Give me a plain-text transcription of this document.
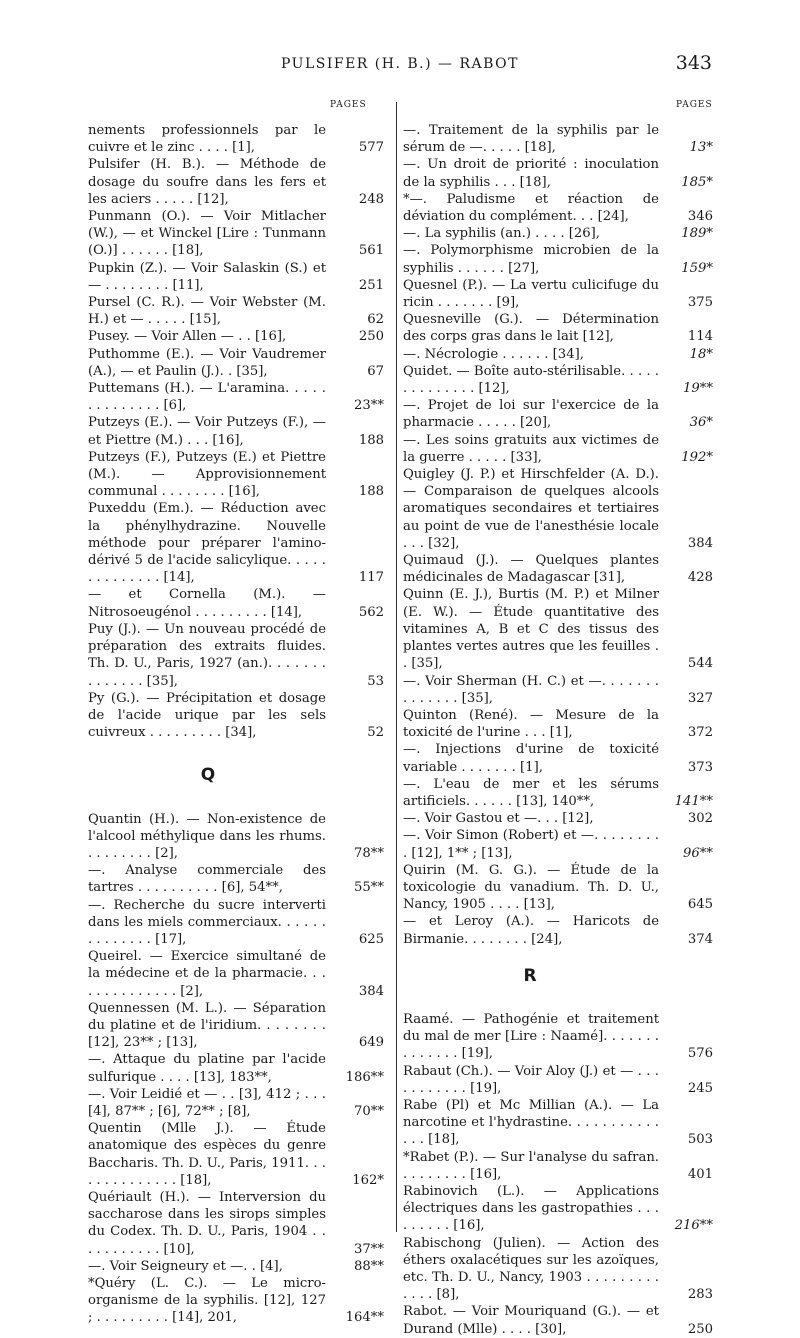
PULSIFER (H. B.) — RABOT	343
PAGES	PAGES
nements professionnels par le cuivre et le zinc . . . . [1],	577
Pulsifer (H. B.). — Méthode de dosage du soufre dans les fers et les aciers . . . . . [12],	248
Punmann (O.). — Voir Mitlacher (W.), — et Winckel [Lire : Tunmann (O.)] . . . . . . [18],	561
Pupkin (Z.). — Voir Salaskin (S.) et — . . . . . . . . [11],	251
Pursel (C. R.). — Voir Webster (M. H.) et — . . . . . [15],	62
Pusey. — Voir Allen — . . [16],	250
Puthomme (E.). — Voir Vaudremer (A.), — et Paulin (J.). . [35],	67
Puttemans (H.). — L'aramina. . . . . . . . . . . . . . [6],	23**
Putzeys (E.). — Voir Putzeys (F.), — et Piettre (M.) . . . [16],	188
Putzeys (F.), Putzeys (E.) et Piettre (M.). — Approvisionnement communal . . . . . . . . [16],	188
Puxeddu (Em.). — Réduction avec la phénylhydrazine. Nouvelle méthode pour préparer l'amino-dérivé 5 de l'acide salicylique. . . . . . . . . . . . . . [14],	117
— et Cornella (M.). — Nitrosoeugénol . . . . . . . . . [14],	562
Puy (J.). — Un nouveau procédé de préparation des extraits fluides. Th. D. U., Paris, 1927 (an.). . . . . . . . . . . . . . [35],	53
Py (G.). — Précipitation et dosage de l'acide urique par les sels cuivreux . . . . . . . . . [34],	52
Q
Quantin (H.). — Non-existence de l'alcool méthylique dans les rhums. . . . . . . . . [2],	78**
—. Analyse commerciale des tartres . . . . . . . . . . [6], 54**,	55**
—. Recherche du sucre interverti dans les miels commerciaux. . . . . . . . . . . . . . [17],	625
Queirel. — Exercice simultané de la médecine et de la pharmacie. . . . . . . . . . . . . . [2],	384
Quennessen (M. L.). — Séparation du platine et de l'iridium. . . . . . . . [12], 23** ; [13],	649
—. Attaque du platine par l'acide sulfurique . . . . [13], 183**,	186**
—. Voir Leidié et — . . [3], 412 ; . . . [4], 87** ; [6], 72** ; [8],	70**
Quentin (Mlle J.). — Étude anatomique des espèces du genre Baccharis. Th. D. U., Paris, 1911. . . . . . . . . . . . . . [18],	162*
Quériault (H.). — Interversion du saccharose dans les sirops simples du Codex. Th. D. U., Paris, 1904 . . . . . . . . . . . [10],	37**
—. Voir Seigneury et —. . [4],	88**
*Quéry (L. C.). — Le micro-organisme de la syphilis. [12], 127 ; . . . . . . . . . [14], 201,	164**
—. Traitement de la syphilis par le sérum de —. . . . . [18],	13*
—. Un droit de priorité : inoculation de la syphilis . . . [18],	185*
*—. Paludisme et réaction de déviation du complément. . . [24],	346
—. La syphilis (an.) . . . . [26],	189*
—. Polymorphisme microbien de la syphilis . . . . . . [27],	159*
Quesnel (P.). — La vertu culicifuge du ricin . . . . . . . [9],	375
Quesneville (G.). — Détermination des corps gras dans le lait [12],	114
—. Nécrologie . . . . . . [34],	18*
Quidet. — Boîte auto-stérilisable. . . . . . . . . . . . . . [12],	19**
—. Projet de loi sur l'exercice de la pharmacie . . . . . [20],	36*
—. Les soins gratuits aux victimes de la guerre . . . . . [33],	192*
Quigley (J. P.) et Hirschfelder (A. D.). — Comparaison de quelques alcools aromatiques secondaires et tertiaires au point de vue de l'anesthésie locale . . . [32],	384
Quimaud (J.). — Quelques plantes médicinales de Madagascar [31],	428
Quinn (E. J.), Burtis (M. P.) et Milner (E. W.). — Étude quantitative des vitamines A, B et C des tissus des plantes vertes autres que les feuilles . . [35],	544
—. Voir Sherman (H. C.) et —. . . . . . . . . . . . . . [35],	327
Quinton (René). — Mesure de la toxicité de l'urine . . . [1],	372
—. Injections d'urine de toxicité variable . . . . . . . [1],	373
—. L'eau de mer et les sérums artificiels. . . . . . [13], 140**,	141**
—. Voir Gastou et —. . . [12],	302
—. Voir Simon (Robert) et —. . . . . . . . . [12], 1** ; [13],	96**
Quirin (M. G. G.). — Étude de la toxicologie du vanadium. Th. D. U., Nancy, 1905 . . . . [13],	645
— et Leroy (A.). — Haricots de Birmanie. . . . . . . . [24],	374
R
Raamé. — Pathogénie et traitement du mal de mer [Lire : Naamé]. . . . . . . . . . . . . . [19],	576
Rabaut (Ch.). — Voir Aloy (J.) et — . . . . . . . . . . . [19],	245
Rabe (Pl) et Mc Millian (A.). — La narcotine et l'hydrastine. . . . . . . . . . . . . . [18],	503
*Rabet (P.). — Sur l'analyse du safran. . . . . . . . . [16],	401
Rabinovich (L.). — Applications électriques dans les gastropathies . . . . . . . . . [16],	216**
Rabischong (Julien). — Action des éthers oxalacétiques sur les azoïques, etc. Th. D. U., Nancy, 1903 . . . . . . . . . . . . . [8],	283
Rabot. — Voir Mouriquand (G.). — et Durand (Mlle) . . . . [30],	250
